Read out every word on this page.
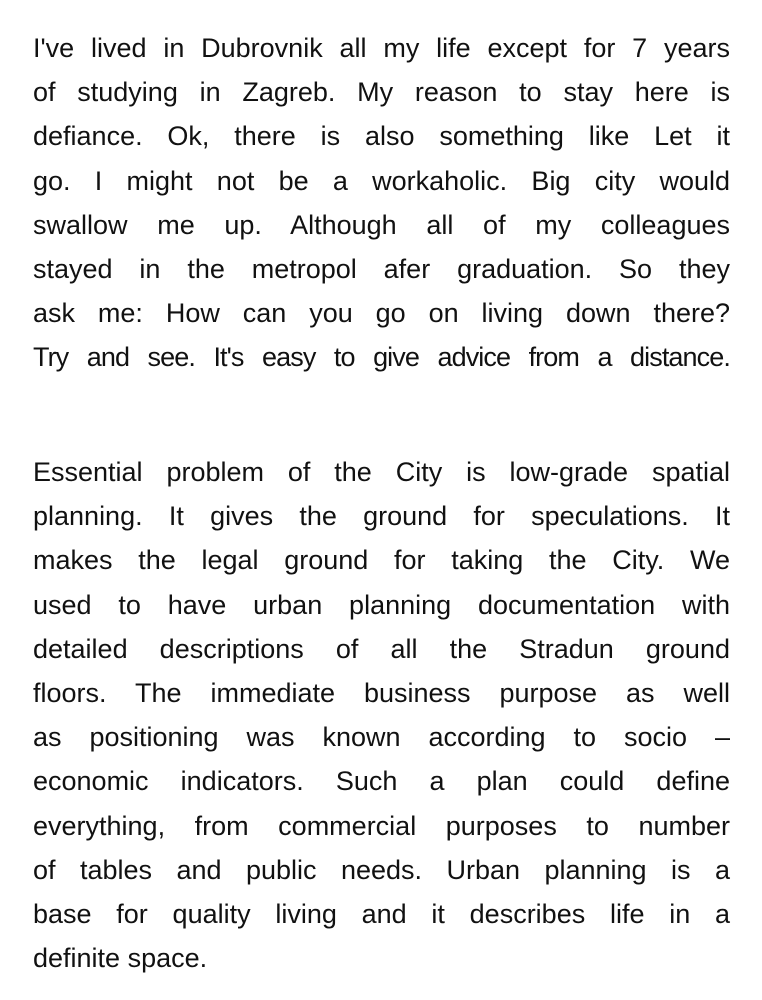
I've lived in Dubrovnik all my life except for 7 years
of studying in Zagreb. My reason to stay here is
defiance. Ok, there is also something like Let it
go. I might not be a workaholic. Big city would
swallow me up. Although all of my colleagues
stayed in the metropol afer graduation. So they
ask me: How can you go on living down there?
Try and see. It's easy to give advice from a distance.

Essential problem of the City is low-grade spatial
planning. It gives the ground for speculations. It
makes the legal ground for taking the City. We
used to have urban planning documentation with
detailed descriptions of all the Stradun ground
floors. The immediate business purpose as well
as positioning was known according to socio –
economic indicators. Such a plan could define
everything, from commercial purposes to number
of tables and public needs. Urban planning is a
base for quality living and it describes life in a
definite space.
